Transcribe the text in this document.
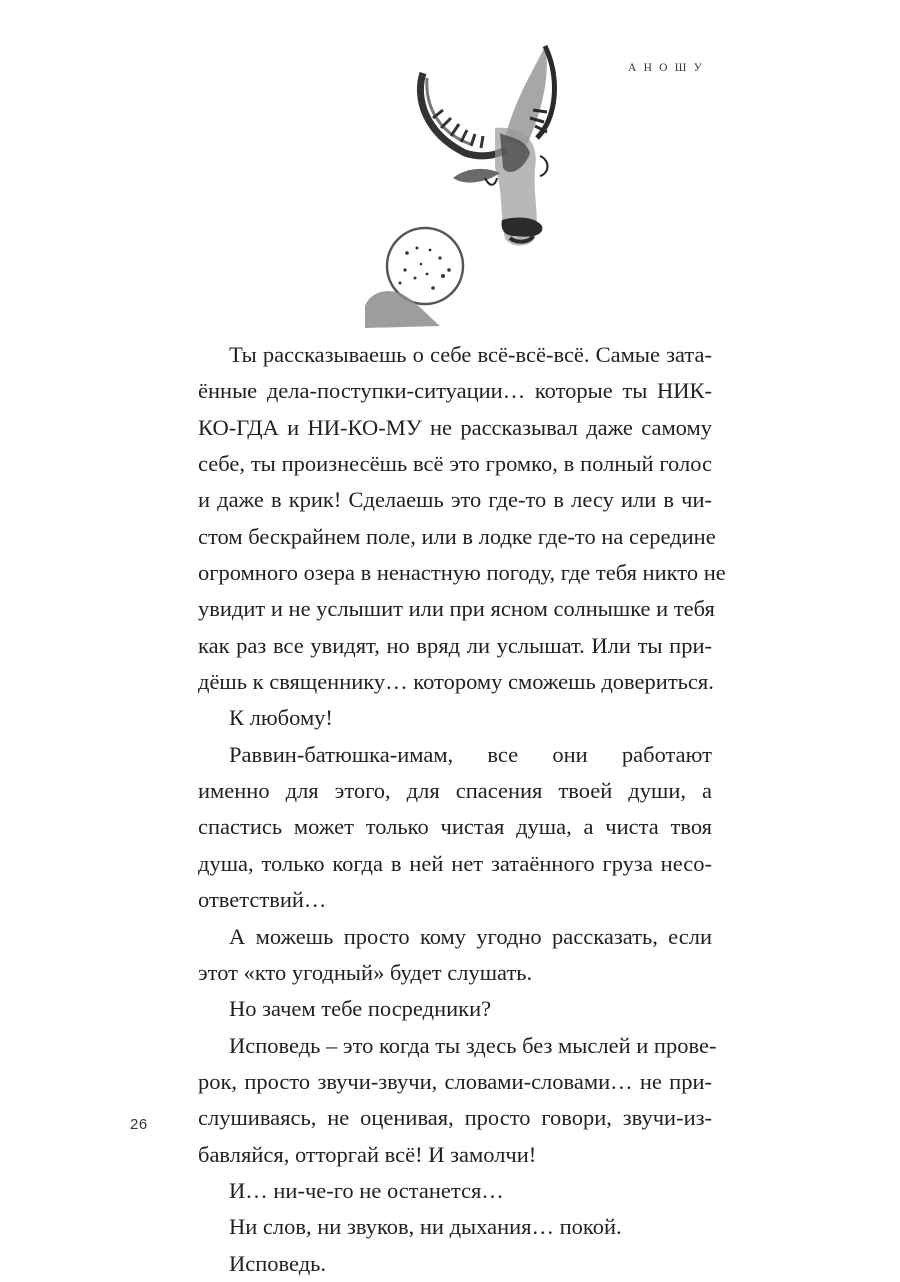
А Н О Ш У
Ты рассказываешь о себе всё-всё-всё. Самые зата-
ённые дела-поступки-ситуации… которые ты НИК-
КО-ГДА и НИ-КО-МУ не рассказывал даже самому
себе, ты произнесёшь всё это громко, в полный голос
и даже в крик! Сделаешь это где-то в лесу или в чи-
стом бескрайнем поле, или в лодке где-то на середине
огромного озера в ненастную погоду, где тебя никто не
увидит и не услышит или при ясном солнышке и тебя
как раз все увидят, но вряд ли услышат. Или ты при-
дёшь к священнику… которому сможешь довериться.
К любому!
Раввин-батюшка-имам, все они работают
именно для этого, для спасения твоей души, а
спастись может только чистая душа, а чиста твоя
душа, только когда в ней нет затаённого груза несо-
ответствий…
А можешь просто кому угодно рассказать, если
этот «кто угодный» будет слушать.
Но зачем тебе посредники?
Исповедь – это когда ты здесь без мыслей и прове-
рок, просто звучи-звучи, словами-словами… не при-
слушиваясь, не оценивая, просто говори, звучи-из-
бавляйся, отторгай всё! И замолчи!
И… ни-че-го не останется…
Ни слов, ни звуков, ни дыхания… покой.
Исповедь.
26
